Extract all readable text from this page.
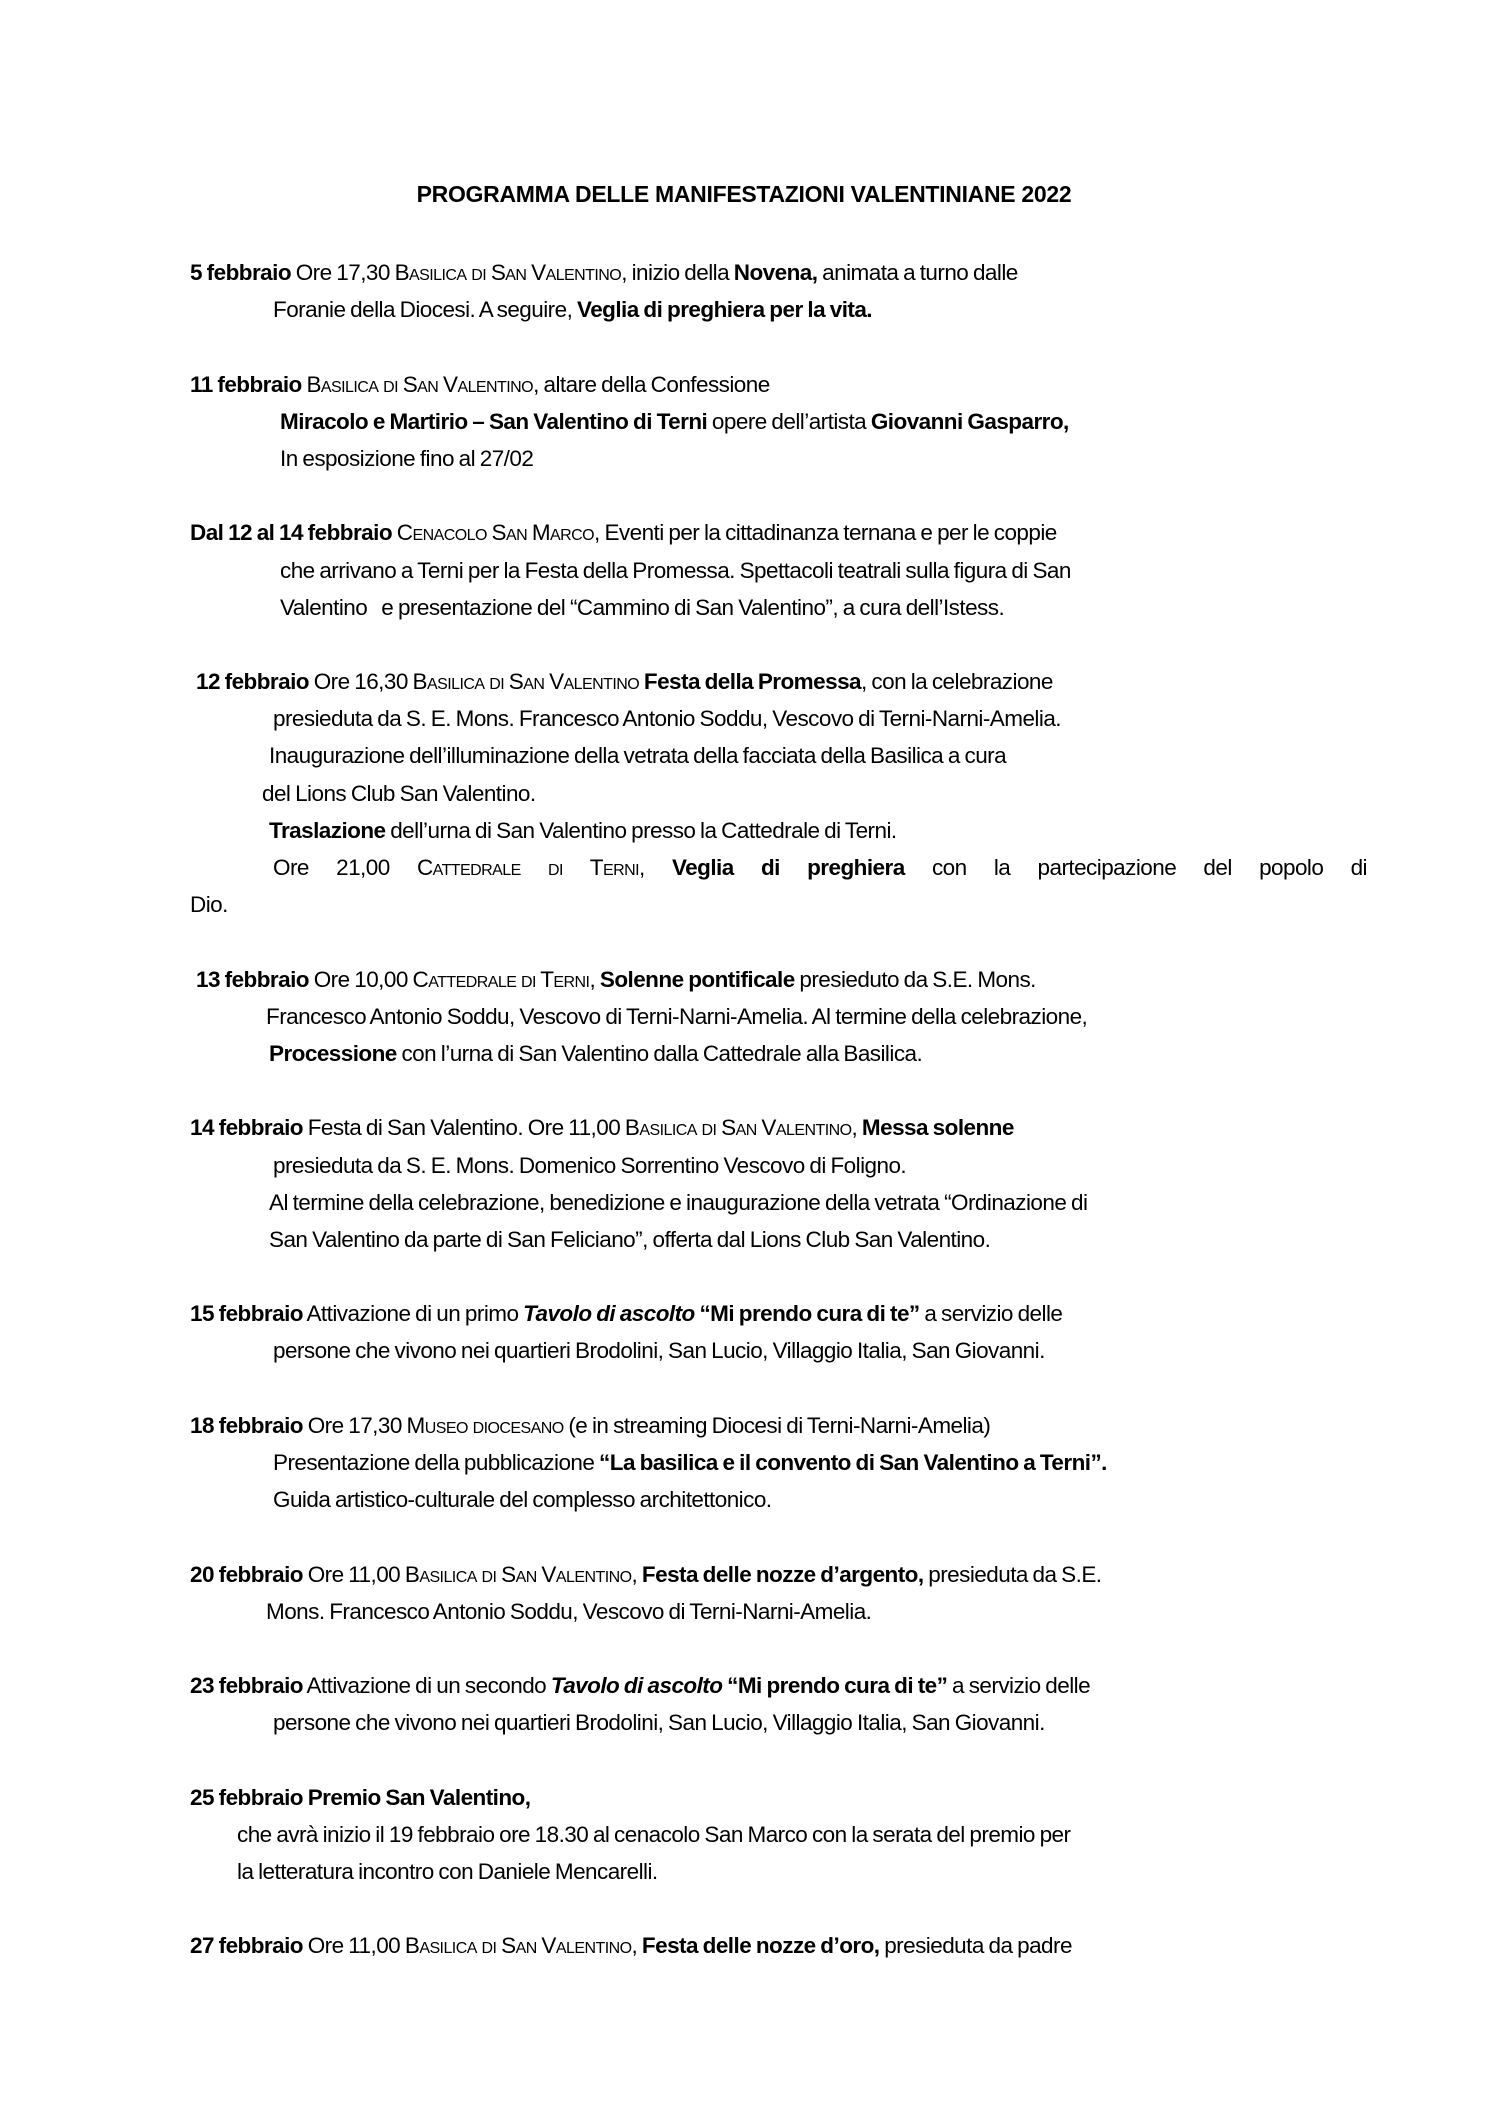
PROGRAMMA DELLE MANIFESTAZIONI VALENTINIANE 2022
5 febbraio Ore 17,30 Basilica di San Valentino, inizio della Novena, animata a turno dalle
Foranie della Diocesi. A seguire, Veglia di preghiera per la vita.
11 febbraio Basilica di San Valentino, altare della Confessione
Miracolo e Martirio – San Valentino di Terni opere dell’artista Giovanni Gasparro,
In esposizione fino al 27/02
Dal 12 al 14 febbraio Cenacolo San Marco, Eventi per la cittadinanza ternana e per le coppie
che arrivano a Terni per la Festa della Promessa. Spettacoli teatrali sulla figura di San
Valentino   e presentazione del “Cammino di San Valentino”, a cura dell’Istess.
12 febbraio Ore 16,30 Basilica di San Valentino Festa della Promessa, con la celebrazione
presieduta da S. E. Mons. Francesco Antonio Soddu, Vescovo di Terni-Narni-Amelia.
Inaugurazione dell’illuminazione della vetrata della facciata della Basilica a cura
del Lions Club San Valentino.
Traslazione dell’urna di San Valentino presso la Cattedrale di Terni.
Ore 21,00 Cattedrale di Terni, Veglia di preghiera con la partecipazione del popolo di
Dio.
13 febbraio Ore 10,00 Cattedrale di Terni, Solenne pontificale presieduto da S.E. Mons.
Francesco Antonio Soddu, Vescovo di Terni-Narni-Amelia. Al termine della celebrazione,
Processione con l’urna di San Valentino dalla Cattedrale alla Basilica.
14 febbraio Festa di San Valentino. Ore 11,00 Basilica di San Valentino, Messa solenne
presieduta da S. E. Mons. Domenico Sorrentino Vescovo di Foligno.
Al termine della celebrazione, benedizione e inaugurazione della vetrata “Ordinazione di
San Valentino da parte di San Feliciano”, offerta dal Lions Club San Valentino.
15 febbraio Attivazione di un primo Tavolo di ascolto “Mi prendo cura di te” a servizio delle
persone che vivono nei quartieri Brodolini, San Lucio, Villaggio Italia, San Giovanni.
18 febbraio Ore 17,30 Museo diocesano (e in streaming Diocesi di Terni-Narni-Amelia)
Presentazione della pubblicazione “La basilica e il convento di San Valentino a Terni”.
Guida artistico-culturale del complesso architettonico.
20 febbraio Ore 11,00 Basilica di San Valentino, Festa delle nozze d’argento, presieduta da S.E.
Mons. Francesco Antonio Soddu, Vescovo di Terni-Narni-Amelia.
23 febbraio Attivazione di un secondo Tavolo di ascolto “Mi prendo cura di te” a servizio delle
persone che vivono nei quartieri Brodolini, San Lucio, Villaggio Italia, San Giovanni.
25 febbraio Premio San Valentino,
che avrà inizio il 19 febbraio ore 18.30 al cenacolo San Marco con la serata del premio per
la letteratura incontro con Daniele Mencarelli.
27 febbraio Ore 11,00 Basilica di San Valentino, Festa delle nozze d’oro, presieduta da padre
